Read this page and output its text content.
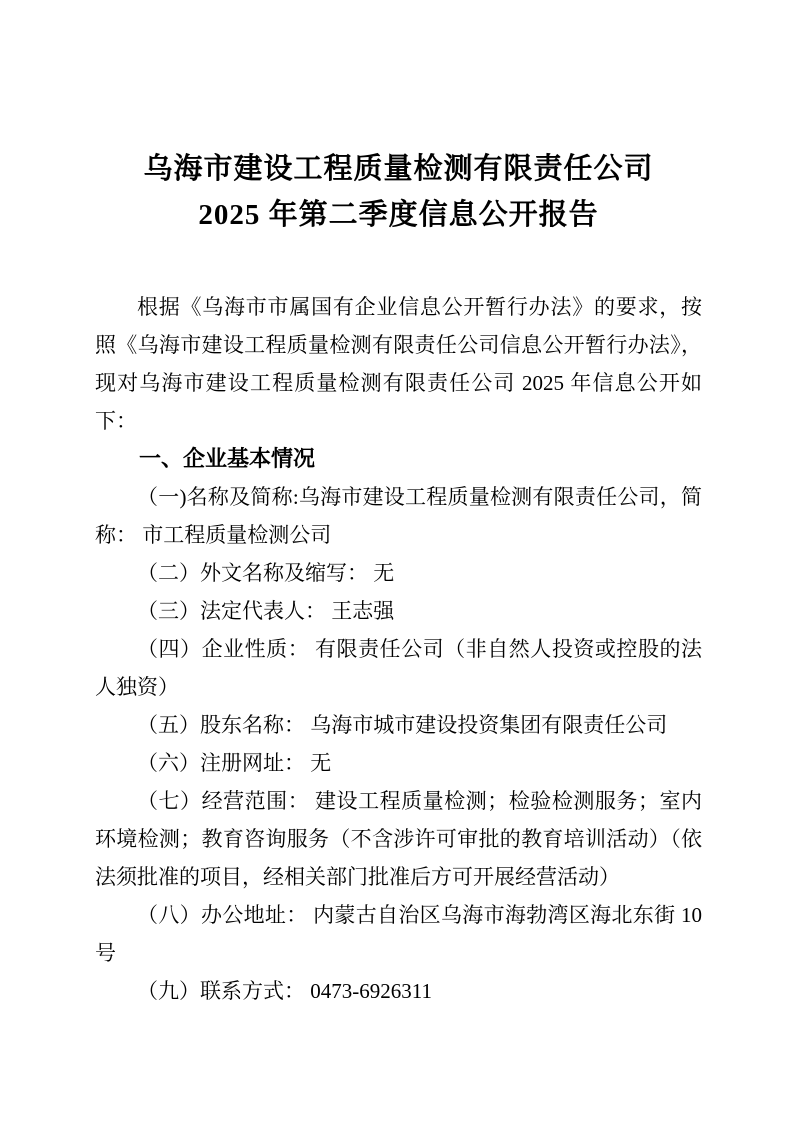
乌海市建设工程质量检测有限责任公司
2025 年第二季度信息公开报告

根据《乌海市市属国有企业信息公开暂行办法》的要求，按照《乌海市建设工程质量检测有限责任公司信息公开暂行办法》，现对乌海市建设工程质量检测有限责任公司 2025 年信息公开如下：

一、企业基本情况

（一)名称及简称:乌海市建设工程质量检测有限责任公司，简称： 市工程质量检测公司

（二）外文名称及缩写： 无

（三）法定代表人： 王志强

（四）企业性质： 有限责任公司（非自然人投资或控股的法人独资）

（五）股东名称： 乌海市城市建设投资集团有限责任公司

（六）注册网址： 无

（七）经营范围： 建设工程质量检测；检验检测服务；室内环境检测；教育咨询服务（不含涉许可审批的教育培训活动）（依法须批准的项目，经相关部门批准后方可开展经营活动）

（八）办公地址： 内蒙古自治区乌海市海勃湾区海北东街 10 号

（九）联系方式： 0473-6926311
